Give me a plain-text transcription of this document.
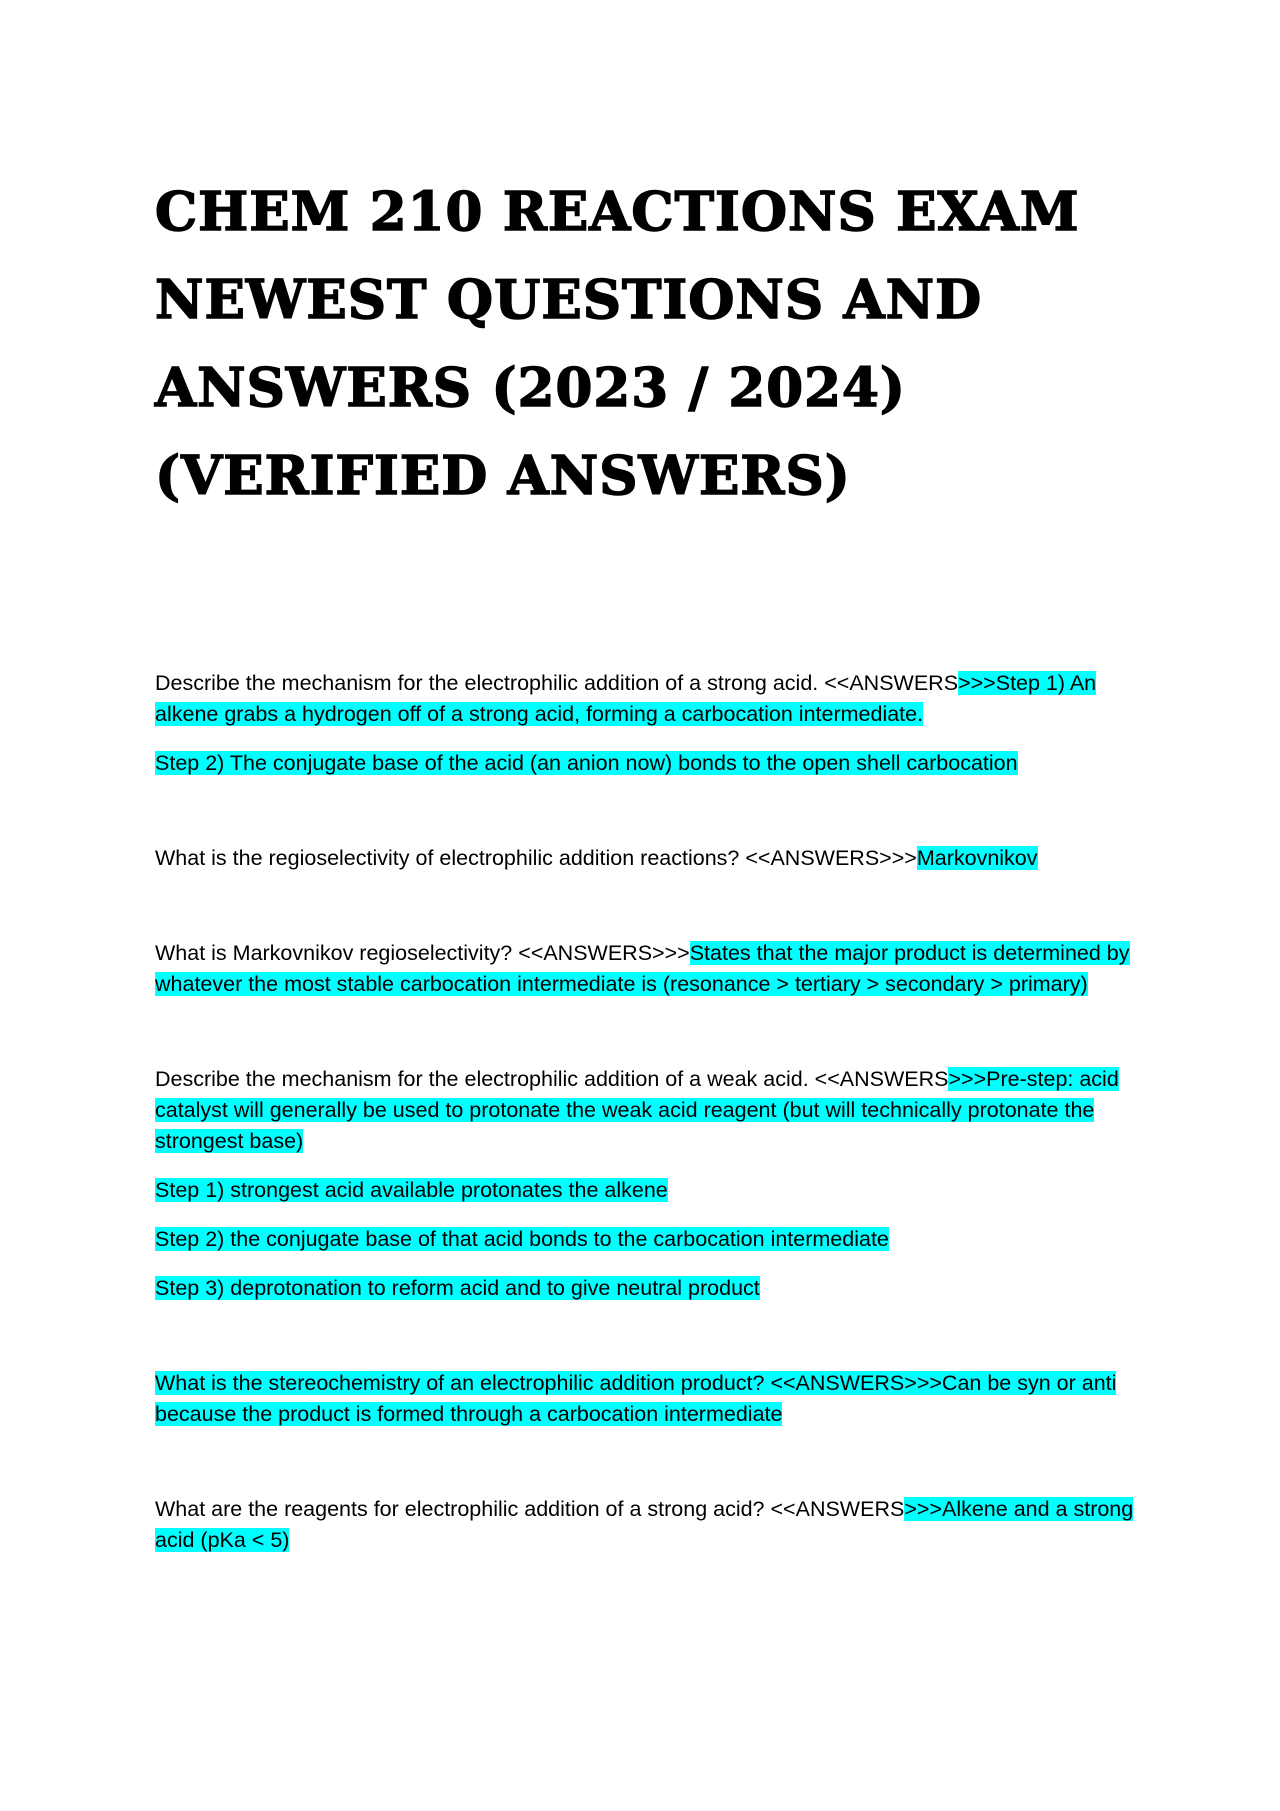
CHEM 210 REACTIONS EXAM NEWEST QUESTIONS AND ANSWERS (2023 / 2024) (VERIFIED ANSWERS)

Describe the mechanism for the electrophilic addition of a strong acid. <<ANSWERS>>>Step 1) An alkene grabs a hydrogen off of a strong acid, forming a carbocation intermediate.

Step 2) The conjugate base of the acid (an anion now) bonds to the open shell carbocation

What is the regioselectivity of electrophilic addition reactions? <<ANSWERS>>>Markovnikov

What is Markovnikov regioselectivity? <<ANSWERS>>>States that the major product is determined by whatever the most stable carbocation intermediate is (resonance > tertiary > secondary > primary)

Describe the mechanism for the electrophilic addition of a weak acid. <<ANSWERS>>>Pre-step: acid catalyst will generally be used to protonate the weak acid reagent (but will technically protonate the strongest base)

Step 1) strongest acid available protonates the alkene

Step 2) the conjugate base of that acid bonds to the carbocation intermediate

Step 3) deprotonation to reform acid and to give neutral product

What is the stereochemistry of an electrophilic addition product? <<ANSWERS>>>Can be syn or anti because the product is formed through a carbocation intermediate

What are the reagents for electrophilic addition of a strong acid? <<ANSWERS>>>Alkene and a strong acid (pKa < 5)
